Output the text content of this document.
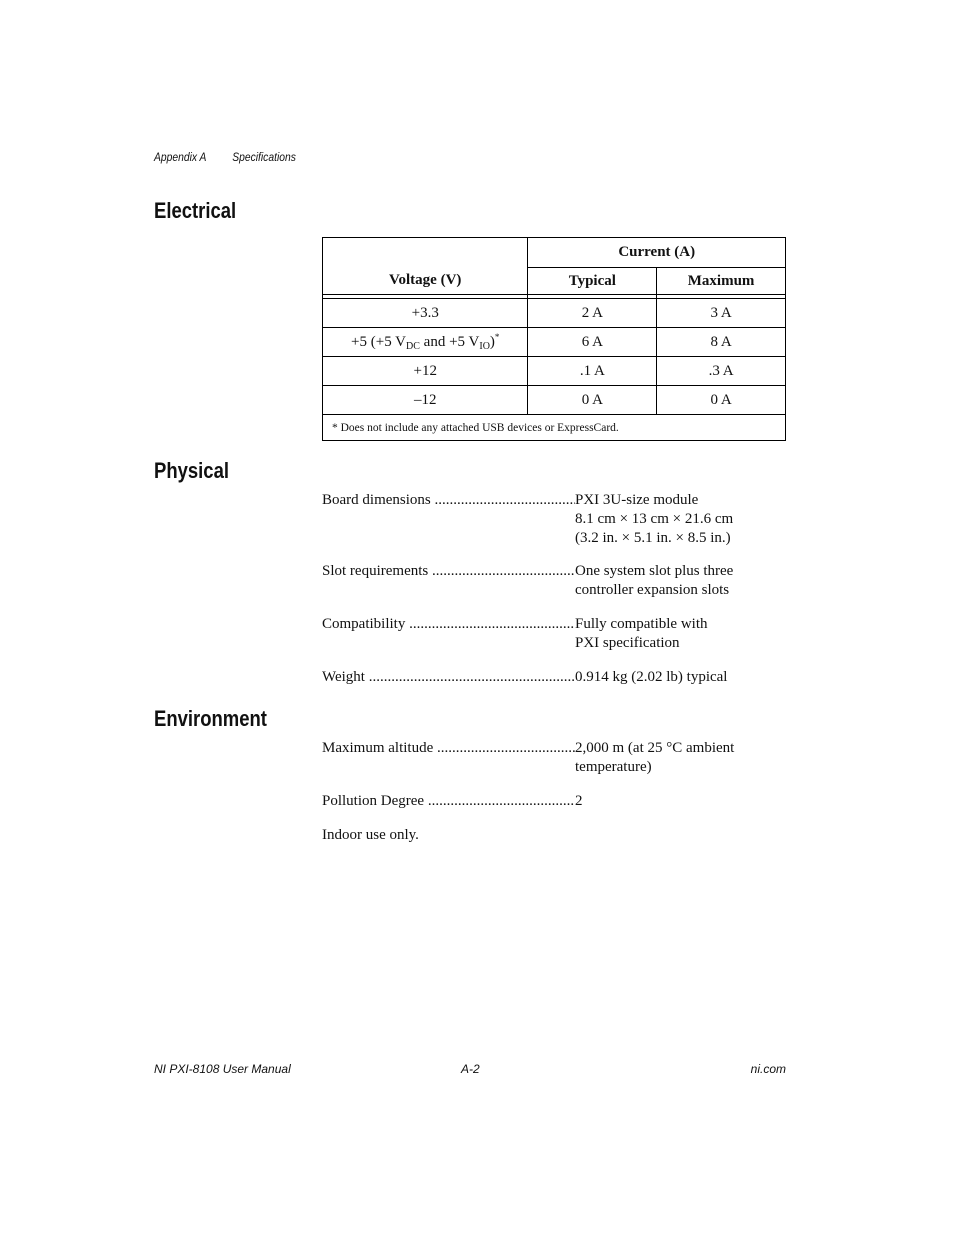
Appendix A Specifications
Electrical
Voltage (V)	Current (A)	
	Typical	Maximum

+3.3	2 A	3 A
+5 (+5 $V_{DC}$ and +5 $V_{IO})^*$	6 A	8 A
+12	.1 A	.3 A
–12	0 A	0 A
* Does not include any attached USB devices or ExpressCard.		
Physical
Board dimensions .....	PXI 3U-size module
8.1 cm × 13 cm × 21.6 cm
(3.2 in. × 5.1 in. × 8.5 in.)
Slot requirements .....	One system slot plus three
controller expansion slots
Compatibility .....	Fully compatible with
PXI specification
Weight .....	0.914 kg (2.02 lb) typical
Environment
Maximum altitude .....	2,000 m (at 25 °C ambient
temperature)
Pollution Degree .....	2
Indoor use only.
NI PXI-8108 User Manual	A-2	ni.com
